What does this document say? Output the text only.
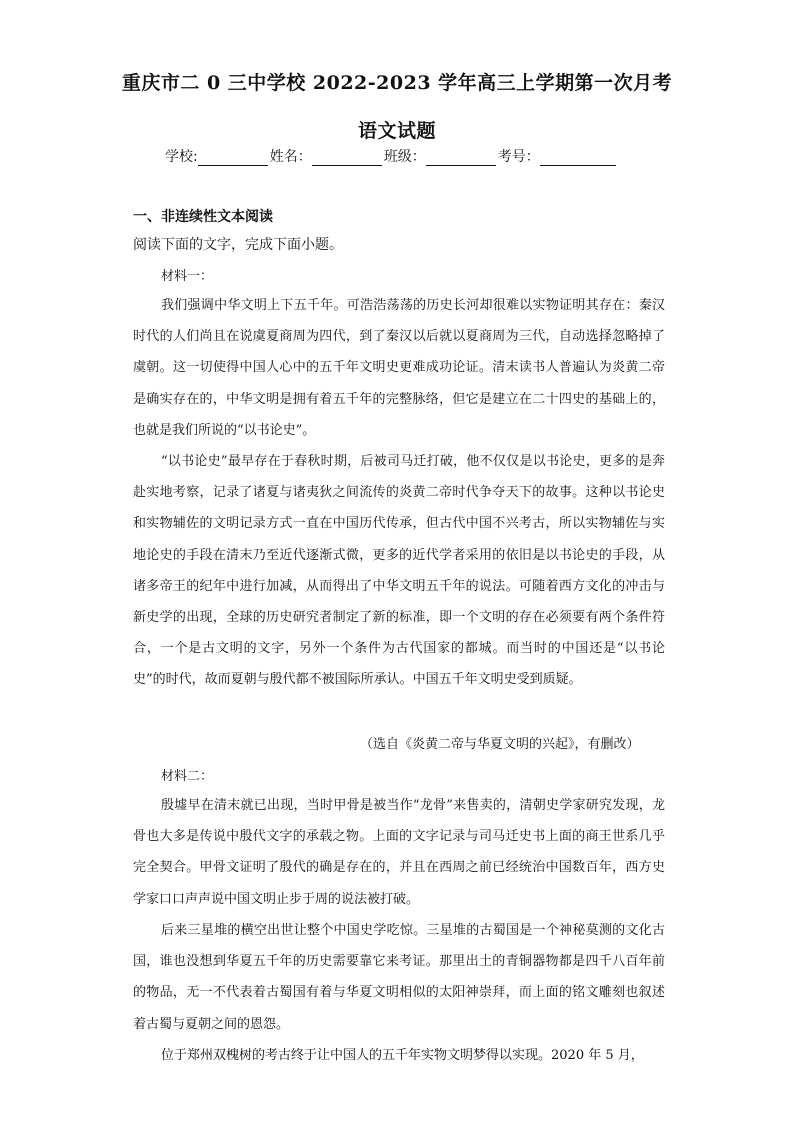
重庆市二 0 三中学校 2022-2023 学年高三上学期第一次月考
语文试题
学校:	姓名：	班级：	考号：
一、非连续性文本阅读
阅读下面的文字，完成下面小题。
材料一：
我们强调中华文明上下五千年。可浩浩荡荡的历史长河却很难以实物证明其存在：秦汉时代的人们尚且在说虞夏商周为四代，到了秦汉以后就以夏商周为三代，自动选择忽略掉了虞朝。这一切使得中国人心中的五千年文明史更难成功论证。清末读书人普遍认为炎黄二帝是确实存在的，中华文明是拥有着五千年的完整脉络，但它是建立在二十四史的基础上的，也就是我们所说的“以书论史”。
“以书论史”最早存在于春秋时期，后被司马迁打破，他不仅仅是以书论史，更多的是奔赴实地考察，记录了诸夏与诸夷狄之间流传的炎黄二帝时代争夺天下的故事。这种以书论史和实物辅佐的文明记录方式一直在中国历代传承，但古代中国不兴考古，所以实物辅佐与实地论史的手段在清末乃至近代逐渐式微，更多的近代学者采用的依旧是以书论史的手段，从诸多帝王的纪年中进行加减，从而得出了中华文明五千年的说法。可随着西方文化的冲击与新史学的出现，全球的历史研究者制定了新的标准，即一个文明的存在必须要有两个条件符合，一个是古文明的文字，另外一个条件为古代国家的都城。而当时的中国还是“以书论史”的时代，故而夏朝与殷代都不被国际所承认。中国五千年文明史受到质疑。
（选自《炎黄二帝与华夏文明的兴起》，有删改）
材料二：
殷墟早在清末就已出现，当时甲骨是被当作“龙骨”来售卖的，清朝史学家研究发现，龙骨也大多是传说中殷代文字的承载之物。上面的文字记录与司马迁史书上面的商王世系几乎完全契合。甲骨文证明了殷代的确是存在的，并且在西周之前已经统治中国数百年，西方史学家口口声声说中国文明止步于周的说法被打破。
后来三星堆的横空出世让整个中国史学吃惊。三星堆的古蜀国是一个神秘莫测的文化古国，谁也没想到华夏五千年的历史需要靠它来考证。那里出土的青铜器物都是四千八百年前的物品，无一不代表着古蜀国有着与华夏文明相似的太阳神崇拜，而上面的铭文雕刻也叙述着古蜀与夏朝之间的恩怨。
位于郑州双槐树的考古终于让中国人的五千年实物文明梦得以实现。2020 年 5 月，
